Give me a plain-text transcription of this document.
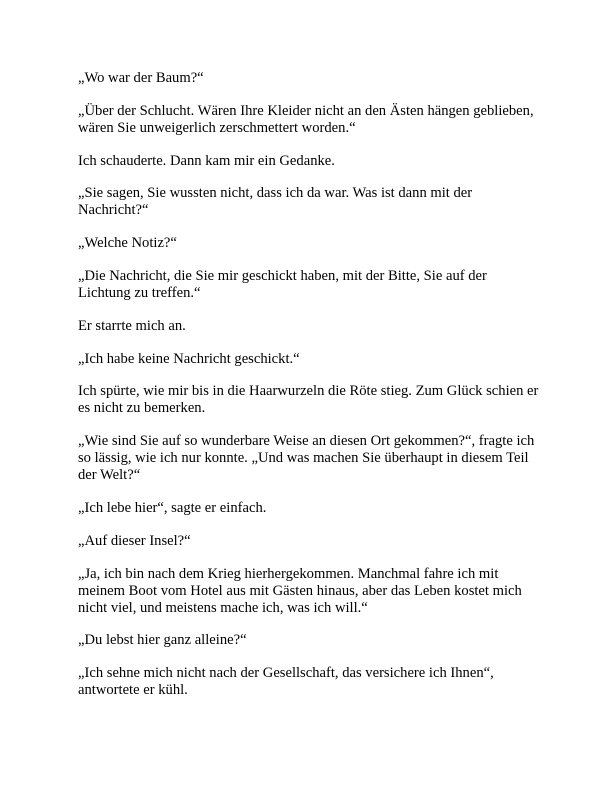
„Wo war der Baum?“

„Über der Schlucht. Wären Ihre Kleider nicht an den Ästen hängen geblieben, wären Sie unweigerlich zerschmettert worden.“

Ich schauderte. Dann kam mir ein Gedanke.

„Sie sagen, Sie wussten nicht, dass ich da war. Was ist dann mit der Nachricht?“

„Welche Notiz?“

„Die Nachricht, die Sie mir geschickt haben, mit der Bitte, Sie auf der Lichtung zu treffen.“

Er starrte mich an.

„Ich habe keine Nachricht geschickt.“

Ich spürte, wie mir bis in die Haarwurzeln die Röte stieg. Zum Glück schien er es nicht zu bemerken.

„Wie sind Sie auf so wunderbare Weise an diesen Ort gekommen?“, fragte ich so lässig, wie ich nur konnte. „Und was machen Sie überhaupt in diesem Teil der Welt?“

„Ich lebe hier“, sagte er einfach.

„Auf dieser Insel?“

„Ja, ich bin nach dem Krieg hierhergekommen. Manchmal fahre ich mit meinem Boot vom Hotel aus mit Gästen hinaus, aber das Leben kostet mich nicht viel, und meistens mache ich, was ich will.“

„Du lebst hier ganz alleine?“

„Ich sehne mich nicht nach der Gesellschaft, das versichere ich Ihnen“, antwortete er kühl.
